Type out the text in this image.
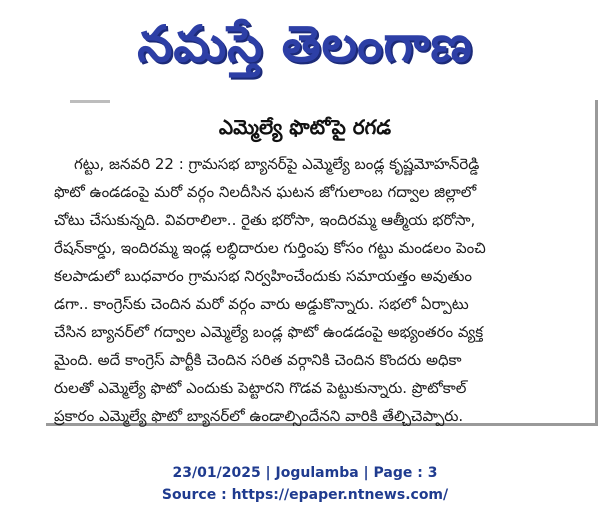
నమస్తే తెలంగాణ
ఎమ్మెల్యే ఫొటోపై రగడ
గట్టు, జనవరి 22 : గ్రామసభ బ్యానర్‌పై ఎమ్మెల్యే బండ్ల కృష్ణమోహన్‌రెడ్డి
ఫొటో ఉండడంపై మరో వర్గం నిలదీసిన ఘటన జోగులాంబ గద్వాల జిల్లాలో
చోటు చేసుకున్నది. వివరాలిలా.. రైతు భరోసా, ఇందిరమ్మ ఆత్మీయ భరోసా,
రేషన్‌కార్డు, ఇందిరమ్మ ఇండ్ల లబ్ధిదారుల గుర్తింపు కోసం గట్టు మండలం పెంచి
కలపాడులో బుధవారం గ్రామసభ నిర్వహించేందుకు సమాయత్తం అవుతుం
డగా.. కాంగ్రెస్‌కు చెందిన మరో వర్గం వారు అడ్డుకొన్నారు. సభలో ఏర్పాటు
చేసిన బ్యానర్‌లో గద్వాల ఎమ్మెల్యే బండ్ల ఫొటో ఉండడంపై అభ్యంతరం వ్యక్త
మైంది. అదే కాంగ్రెస్ పార్టీకి చెందిన సరిత వర్గానికి చెందిన కొందరు అధికా
రులతో ఎమ్మెల్యే ఫొటో ఎందుకు పెట్టారని గొడవ పెట్టుకున్నారు. ప్రొటోకాల్
ప్రకారం ఎమ్మెల్యే ఫొటో బ్యానర్‌లో ఉండాల్సిందేనని వారికి తేల్చిచెప్పారు.
23/01/2025 | Jogulamba | Page : 3
Source : https://epaper.ntnews.com/
